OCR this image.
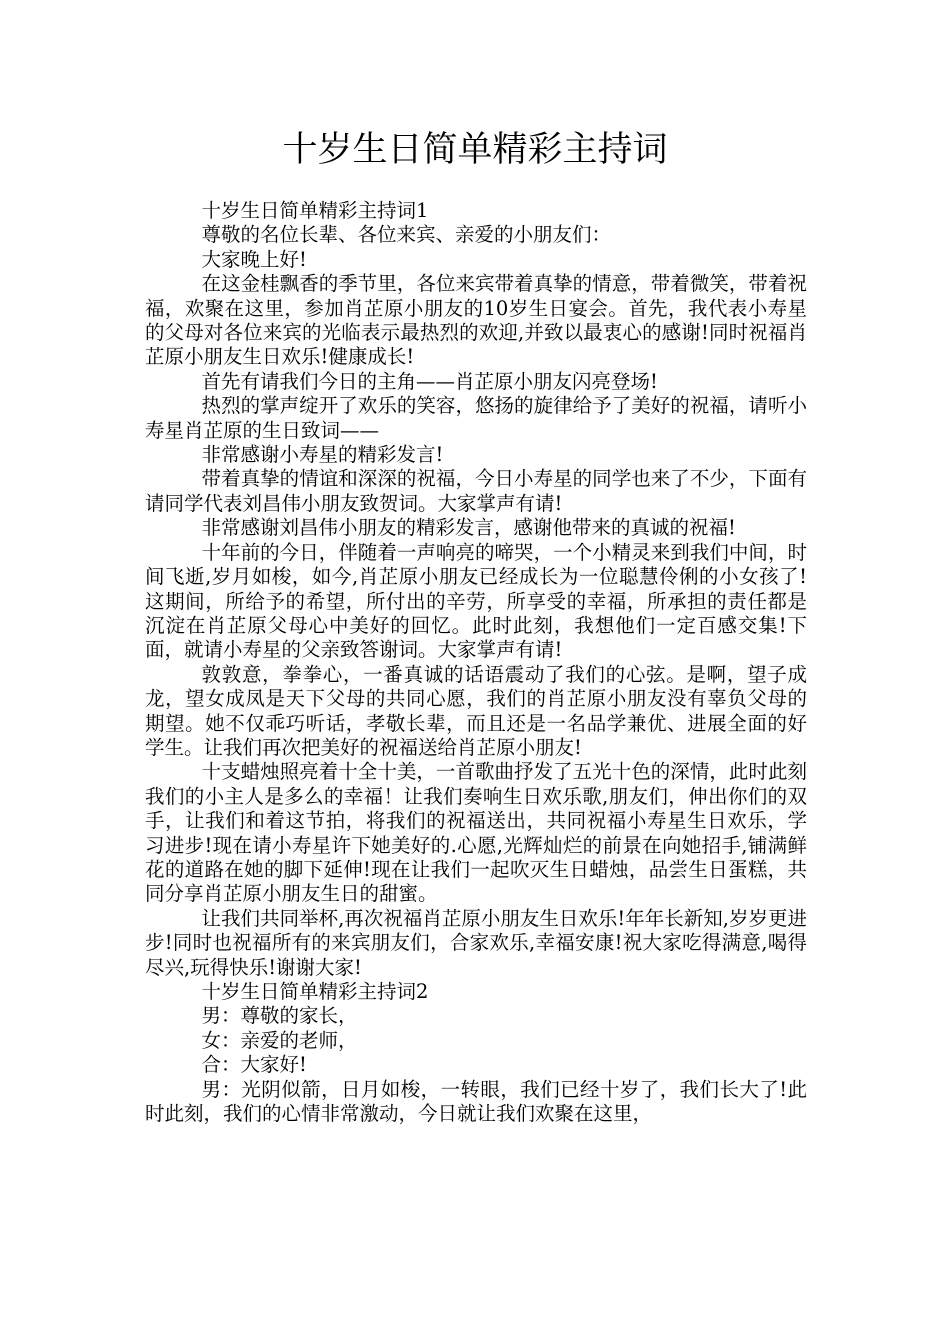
十岁生日简单精彩主持词

十岁生日简单精彩主持词1

尊敬的名位长辈、各位来宾、亲爱的小朋友们：

大家晚上好!

在这金桂飘香的季节里，各位来宾带着真挚的情意，带着微笑，带着祝福，欢聚在这里，参加肖芷原小朋友的10岁生日宴会。首先，我代表小寿星的父母对各位来宾的光临表示最热烈的欢迎,并致以最衷心的感谢!同时祝福肖芷原小朋友生日欢乐!健康成长!

首先有请我们今日的主角——肖芷原小朋友闪亮登场!

热烈的掌声绽开了欢乐的笑容，悠扬的旋律给予了美好的祝福，请听小寿星肖芷原的生日致词——

非常感谢小寿星的精彩发言!

带着真挚的情谊和深深的祝福，今日小寿星的同学也来了不少，下面有请同学代表刘昌伟小朋友致贺词。大家掌声有请!

非常感谢刘昌伟小朋友的精彩发言，感谢他带来的真诚的祝福!

十年前的今日，伴随着一声响亮的啼哭，一个小精灵来到我们中间，时间飞逝,岁月如梭，如今,肖芷原小朋友已经成长为一位聪慧伶俐的小女孩了!这期间，所给予的希望，所付出的辛劳，所享受的幸福，所承担的责任都是沉淀在肖芷原父母心中美好的回忆。此时此刻，我想他们一定百感交集!下面，就请小寿星的父亲致答谢词。大家掌声有请!

敦敦意，拳拳心，一番真诚的话语震动了我们的心弦。是啊，望子成龙，望女成凤是天下父母的共同心愿，我们的肖芷原小朋友没有辜负父母的期望。她不仅乖巧听话，孝敬长辈，而且还是一名品学兼优、进展全面的好学生。让我们再次把美好的祝福送给肖芷原小朋友!

十支蜡烛照亮着十全十美，一首歌曲抒发了五光十色的深情，此时此刻我们的小主人是多么的幸福！让我们奏响生日欢乐歌,朋友们，伸出你们的双手，让我们和着这节拍，将我们的祝福送出，共同祝福小寿星生日欢乐，学习进步!现在请小寿星许下她美好的.心愿,光辉灿烂的前景在向她招手,铺满鲜花的道路在她的脚下延伸!现在让我们一起吹灭生日蜡烛，品尝生日蛋糕，共同分享肖芷原小朋友生日的甜蜜。

让我们共同举杯,再次祝福肖芷原小朋友生日欢乐!年年长新知,岁岁更进步!同时也祝福所有的来宾朋友们，合家欢乐,幸福安康!祝大家吃得满意,喝得尽兴,玩得快乐!谢谢大家!

十岁生日简单精彩主持词2

男：尊敬的家长，

女：亲爱的老师，

合：大家好!

男：光阴似箭，日月如梭，一转眼，我们已经十岁了，我们长大了!此时此刻，我们的心情非常激动，今日就让我们欢聚在这里，
